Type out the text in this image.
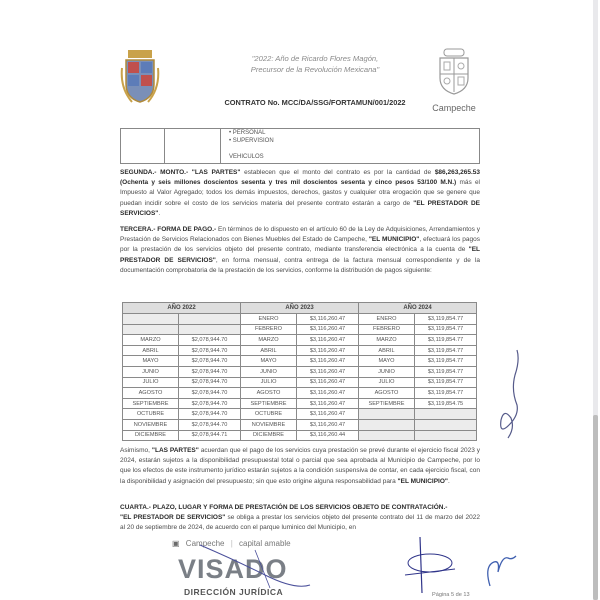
"2022: Año de Ricardo Flores Magón,
Precursor de la Revolución Mexicana"
CONTRATO No. MCC/DA/SSG/FORTAMUN/001/2022
Campeche
• PERSONAL
• SUPERVISION
VEHICULOS
SEGUNDA.- MONTO.- "LAS PARTES" establecen que el monto del contrato es por la cantidad de $86,263,265.53 (Ochenta y seis millones doscientos sesenta y tres mil doscientos sesenta y cinco pesos 53/100 M.N.) más el Impuesto al Valor Agregado; todos los demás impuestos, derechos, gastos y cualquier otra erogación que se genere que puedan incidir sobre el costo de los servicios materia del presente contrato estarán a cargo de "EL PRESTADOR DE SERVICIOS".
TERCERA.- FORMA DE PAGO.- En términos de lo dispuesto en el artículo 60 de la Ley de Adquisiciones, Arrendamientos y Prestación de Servicios Relacionados con Bienes Muebles del Estado de Campeche, "EL MUNICIPIO", efectuará los pagos por la prestación de los servicios objeto del presente contrato, mediante transferencia electrónica a la cuenta de "EL PRESTADOR DE SERVICIOS", en forma mensual, contra entrega de la factura mensual correspondiente y de la documentación comprobatoria de la prestación de los servicios, conforme la distribución de pagos siguiente:
AÑO 2022		AÑO 2023		AÑO 2024	
		ENERO	$3,116,260.47	ENERO	$3,119,854.77
		FEBRERO	$3,116,260.47	FEBRERO	$3,119,854.77
MARZO	$2,078,944.70	MARZO	$3,116,260.47	MARZO	$3,119,854.77
ABRIL	$2,078,944.70	ABRIL	$3,116,260.47	ABRIL	$3,119,854.77
MAYO	$2,078,944.70	MAYO	$3,116,260.47	MAYO	$3,119,854.77
JUNIO	$2,078,944.70	JUNIO	$3,116,260.47	JUNIO	$3,119,854.77
JULIO	$2,078,944.70	JULIO	$3,116,260.47	JULIO	$3,119,854.77
AGOSTO	$2,078,944.70	AGOSTO	$3,116,260.47	AGOSTO	$3,119,854.77
SEPTIEMBRE	$2,078,944.70	SEPTIEMBRE	$3,116,260.47	SEPTIEMBRE	$3,119,854.75
OCTUBRE	$2,078,944.70	OCTUBRE	$3,116,260.47		
NOVIEMBRE	$2,078,944.70	NOVIEMBRE	$3,116,260.47		
DICIEMBRE	$2,078,944.71	DICIEMBRE	$3,116,260.44		
Asimismo, "LAS PARTES" acuerdan que el pago de los servicios cuya prestación se prevé durante el ejercicio fiscal 2023 y 2024, estarán sujetos a la disponibilidad presupuestal total o parcial que sea aprobada al Municipio de Campeche, por lo que los efectos de este instrumento jurídico estarán sujetos a la condición suspensiva de contar, en cada ejercicio fiscal, con la disponibilidad y asignación del presupuesto; sin que esto origine alguna responsabilidad para "EL MUNICIPIO".
CUARTA.- PLAZO, LUGAR Y FORMA DE PRESTACIÓN DE LOS SERVICIOS OBJETO DE CONTRATACIÓN.-
"EL PRESTADOR DE SERVICIOS" se obliga a prestar los servicios objeto del presente contrato del 11 de marzo del 2022 al 20 de septiembre de 2024, de acuerdo con el parque luminico del Municipio, en
▣ Campeche | capital amable
VISADO
DIRECCIÓN JURÍDICA	Página 5 de 13
